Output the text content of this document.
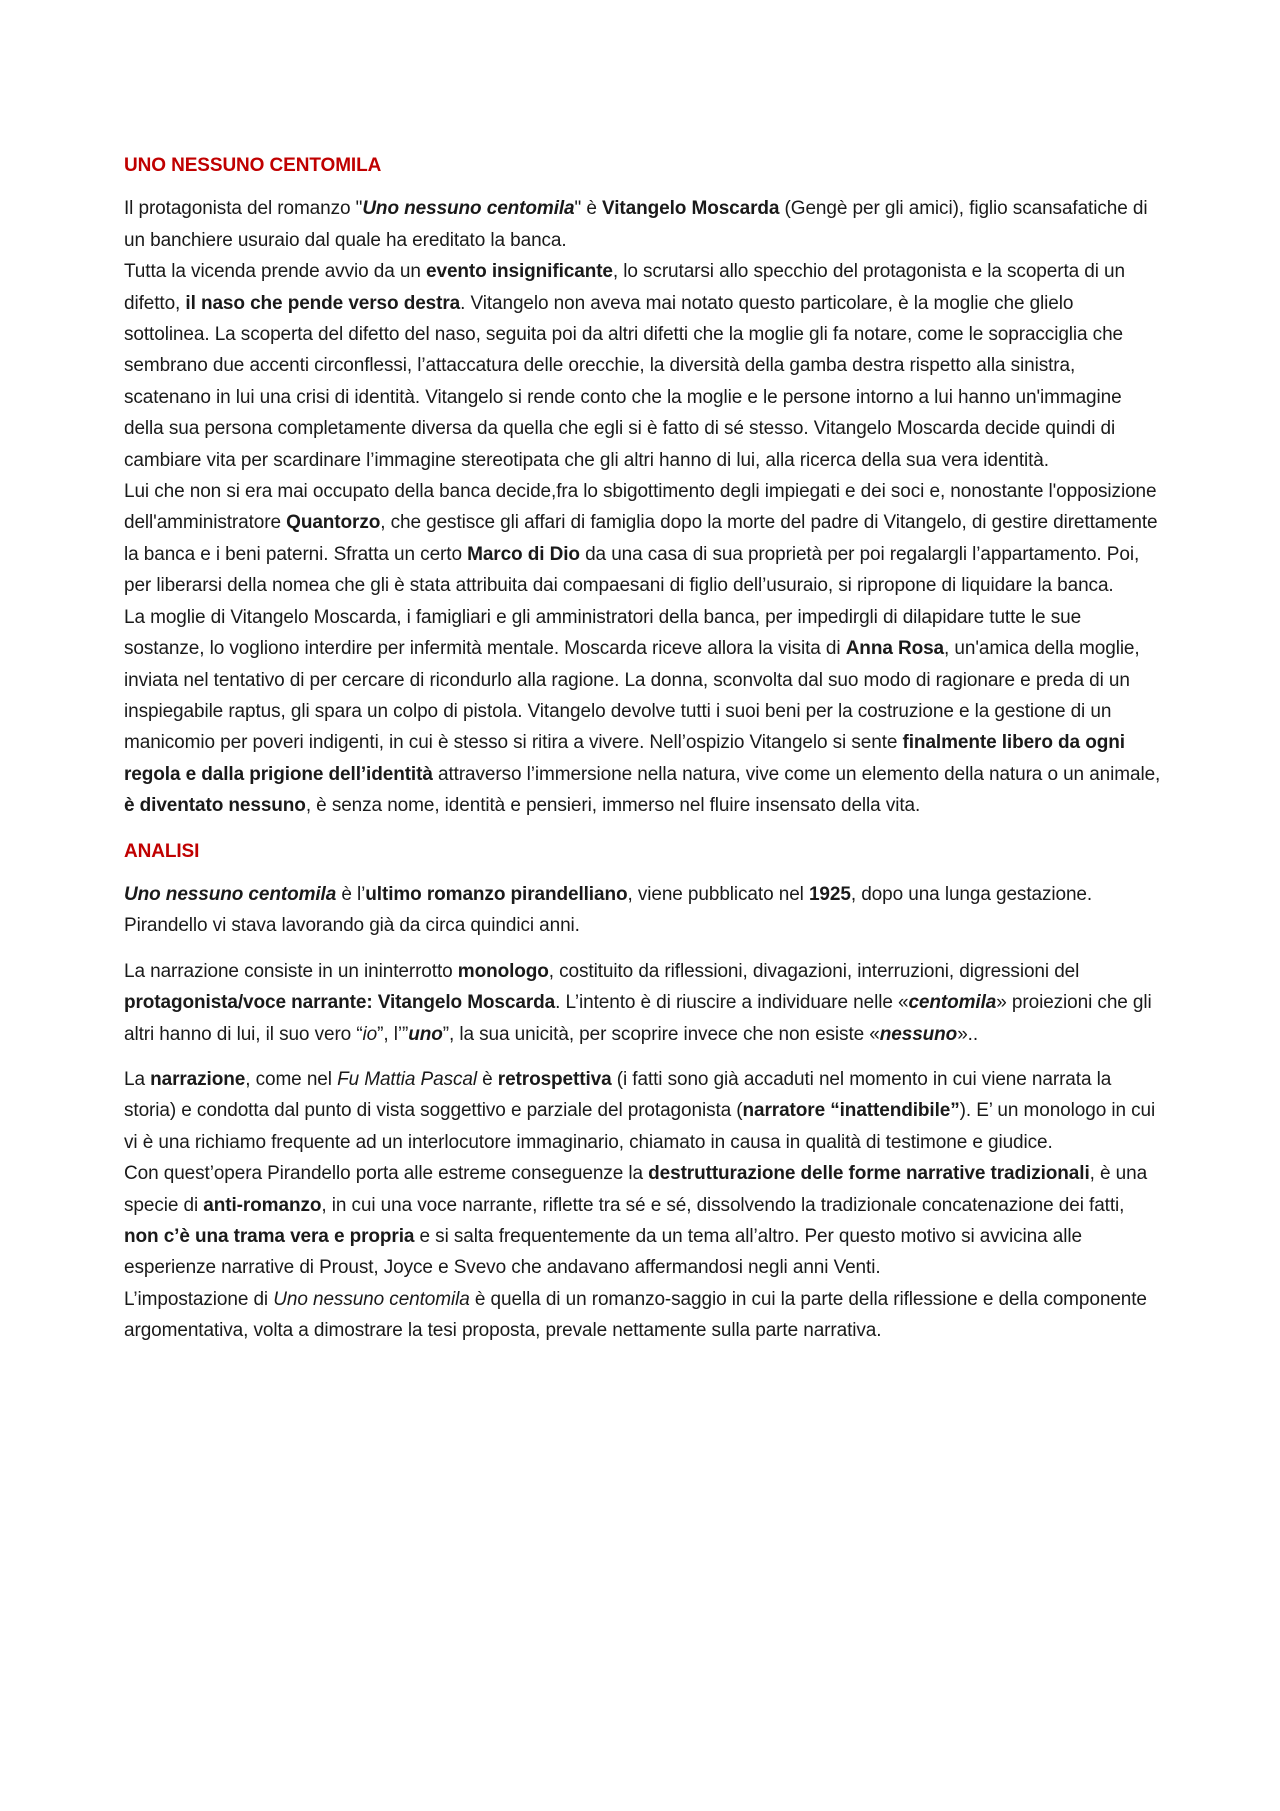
UNO NESSUNO CENTOMILA

Il protagonista del romanzo "Uno nessuno centomila" è Vitangelo Moscarda (Gengè per gli amici), figlio scansafatiche di un banchiere usuraio dal quale ha ereditato la banca.

Tutta la vicenda prende avvio da un evento insignificante, lo scrutarsi allo specchio del protagonista e la scoperta di un difetto, il naso che pende verso destra. Vitangelo non aveva mai notato questo particolare, è la moglie che glielo sottolinea. La scoperta del difetto del naso, seguita poi da altri difetti che la moglie gli fa notare, come le sopracciglia che sembrano due accenti circonflessi, l’attaccatura delle orecchie, la diversità della gamba destra rispetto alla sinistra, scatenano in lui una crisi di identità. Vitangelo si rende conto che la moglie e le persone intorno a lui hanno un'immagine della sua persona completamente diversa da quella che egli si è fatto di sé stesso. Vitangelo Moscarda decide quindi di cambiare vita per scardinare l’immagine stereotipata che gli altri hanno di lui, alla ricerca della sua vera identità.

Lui che non si era mai occupato della banca decide,fra lo sbigottimento degli impiegati e dei soci e, nonostante l'opposizione dell'amministratore Quantorzo, che gestisce gli affari di famiglia dopo la morte del padre di Vitangelo, di gestire direttamente la banca e i beni paterni. Sfratta un certo Marco di Dio da una casa di sua proprietà per poi regalargli l’appartamento. Poi, per liberarsi della nomea che gli è stata attribuita dai compaesani di figlio dell’usuraio, si ripropone di liquidare la banca.

La moglie di Vitangelo Moscarda, i famigliari e gli amministratori della banca, per impedirgli di dilapidare tutte le sue sostanze, lo vogliono interdire per infermità mentale. Moscarda riceve allora la visita di Anna Rosa, un'amica della moglie, inviata nel tentativo di per cercare di ricondurlo alla ragione. La donna, sconvolta dal suo modo di ragionare e preda di un inspiegabile raptus, gli spara un colpo di pistola. Vitangelo devolve tutti i suoi beni per la costruzione e la gestione di un manicomio per poveri indigenti, in cui è stesso si ritira a vivere. Nell’ospizio Vitangelo si sente finalmente libero da ogni regola e dalla prigione dell’identità attraverso l’immersione nella natura, vive come un elemento della natura o un animale, è diventato nessuno, è senza nome, identità e pensieri, immerso nel fluire insensato della vita.

ANALISI

Uno nessuno centomila è l’ultimo romanzo pirandelliano, viene pubblicato nel 1925, dopo una lunga gestazione. Pirandello vi stava lavorando già da circa quindici anni.

La narrazione consiste in un ininterrotto monologo, costituito da riflessioni, divagazioni, interruzioni, digressioni del protagonista/voce narrante: Vitangelo Moscarda. L’intento è di riuscire a individuare nelle «centomila» proiezioni che gli altri hanno di lui, il suo vero “io”, l’”uno”, la sua unicità, per scoprire invece che non esiste «nessuno»..

La narrazione, come nel Fu Mattia Pascal è retrospettiva (i fatti sono già accaduti nel momento in cui viene narrata la storia) e condotta dal punto di vista soggettivo e parziale del protagonista (narratore “inattendibile”). E’ un monologo in cui vi è una richiamo frequente ad un interlocutore immaginario, chiamato in causa in qualità di testimone e giudice.

Con quest’opera Pirandello porta alle estreme conseguenze la destrutturazione delle forme narrative tradizionali, è una specie di anti-romanzo, in cui una voce narrante, riflette tra sé e sé, dissolvendo la tradizionale concatenazione dei fatti, non c’è una trama vera e propria e si salta frequentemente da un tema all’altro. Per questo motivo si avvicina alle esperienze narrative di Proust, Joyce e Svevo che andavano affermandosi negli anni Venti.

L’impostazione di Uno nessuno centomila è quella di un romanzo-saggio in cui la parte della riflessione e della componente argomentativa, volta a dimostrare la tesi proposta, prevale nettamente sulla parte narrativa.
